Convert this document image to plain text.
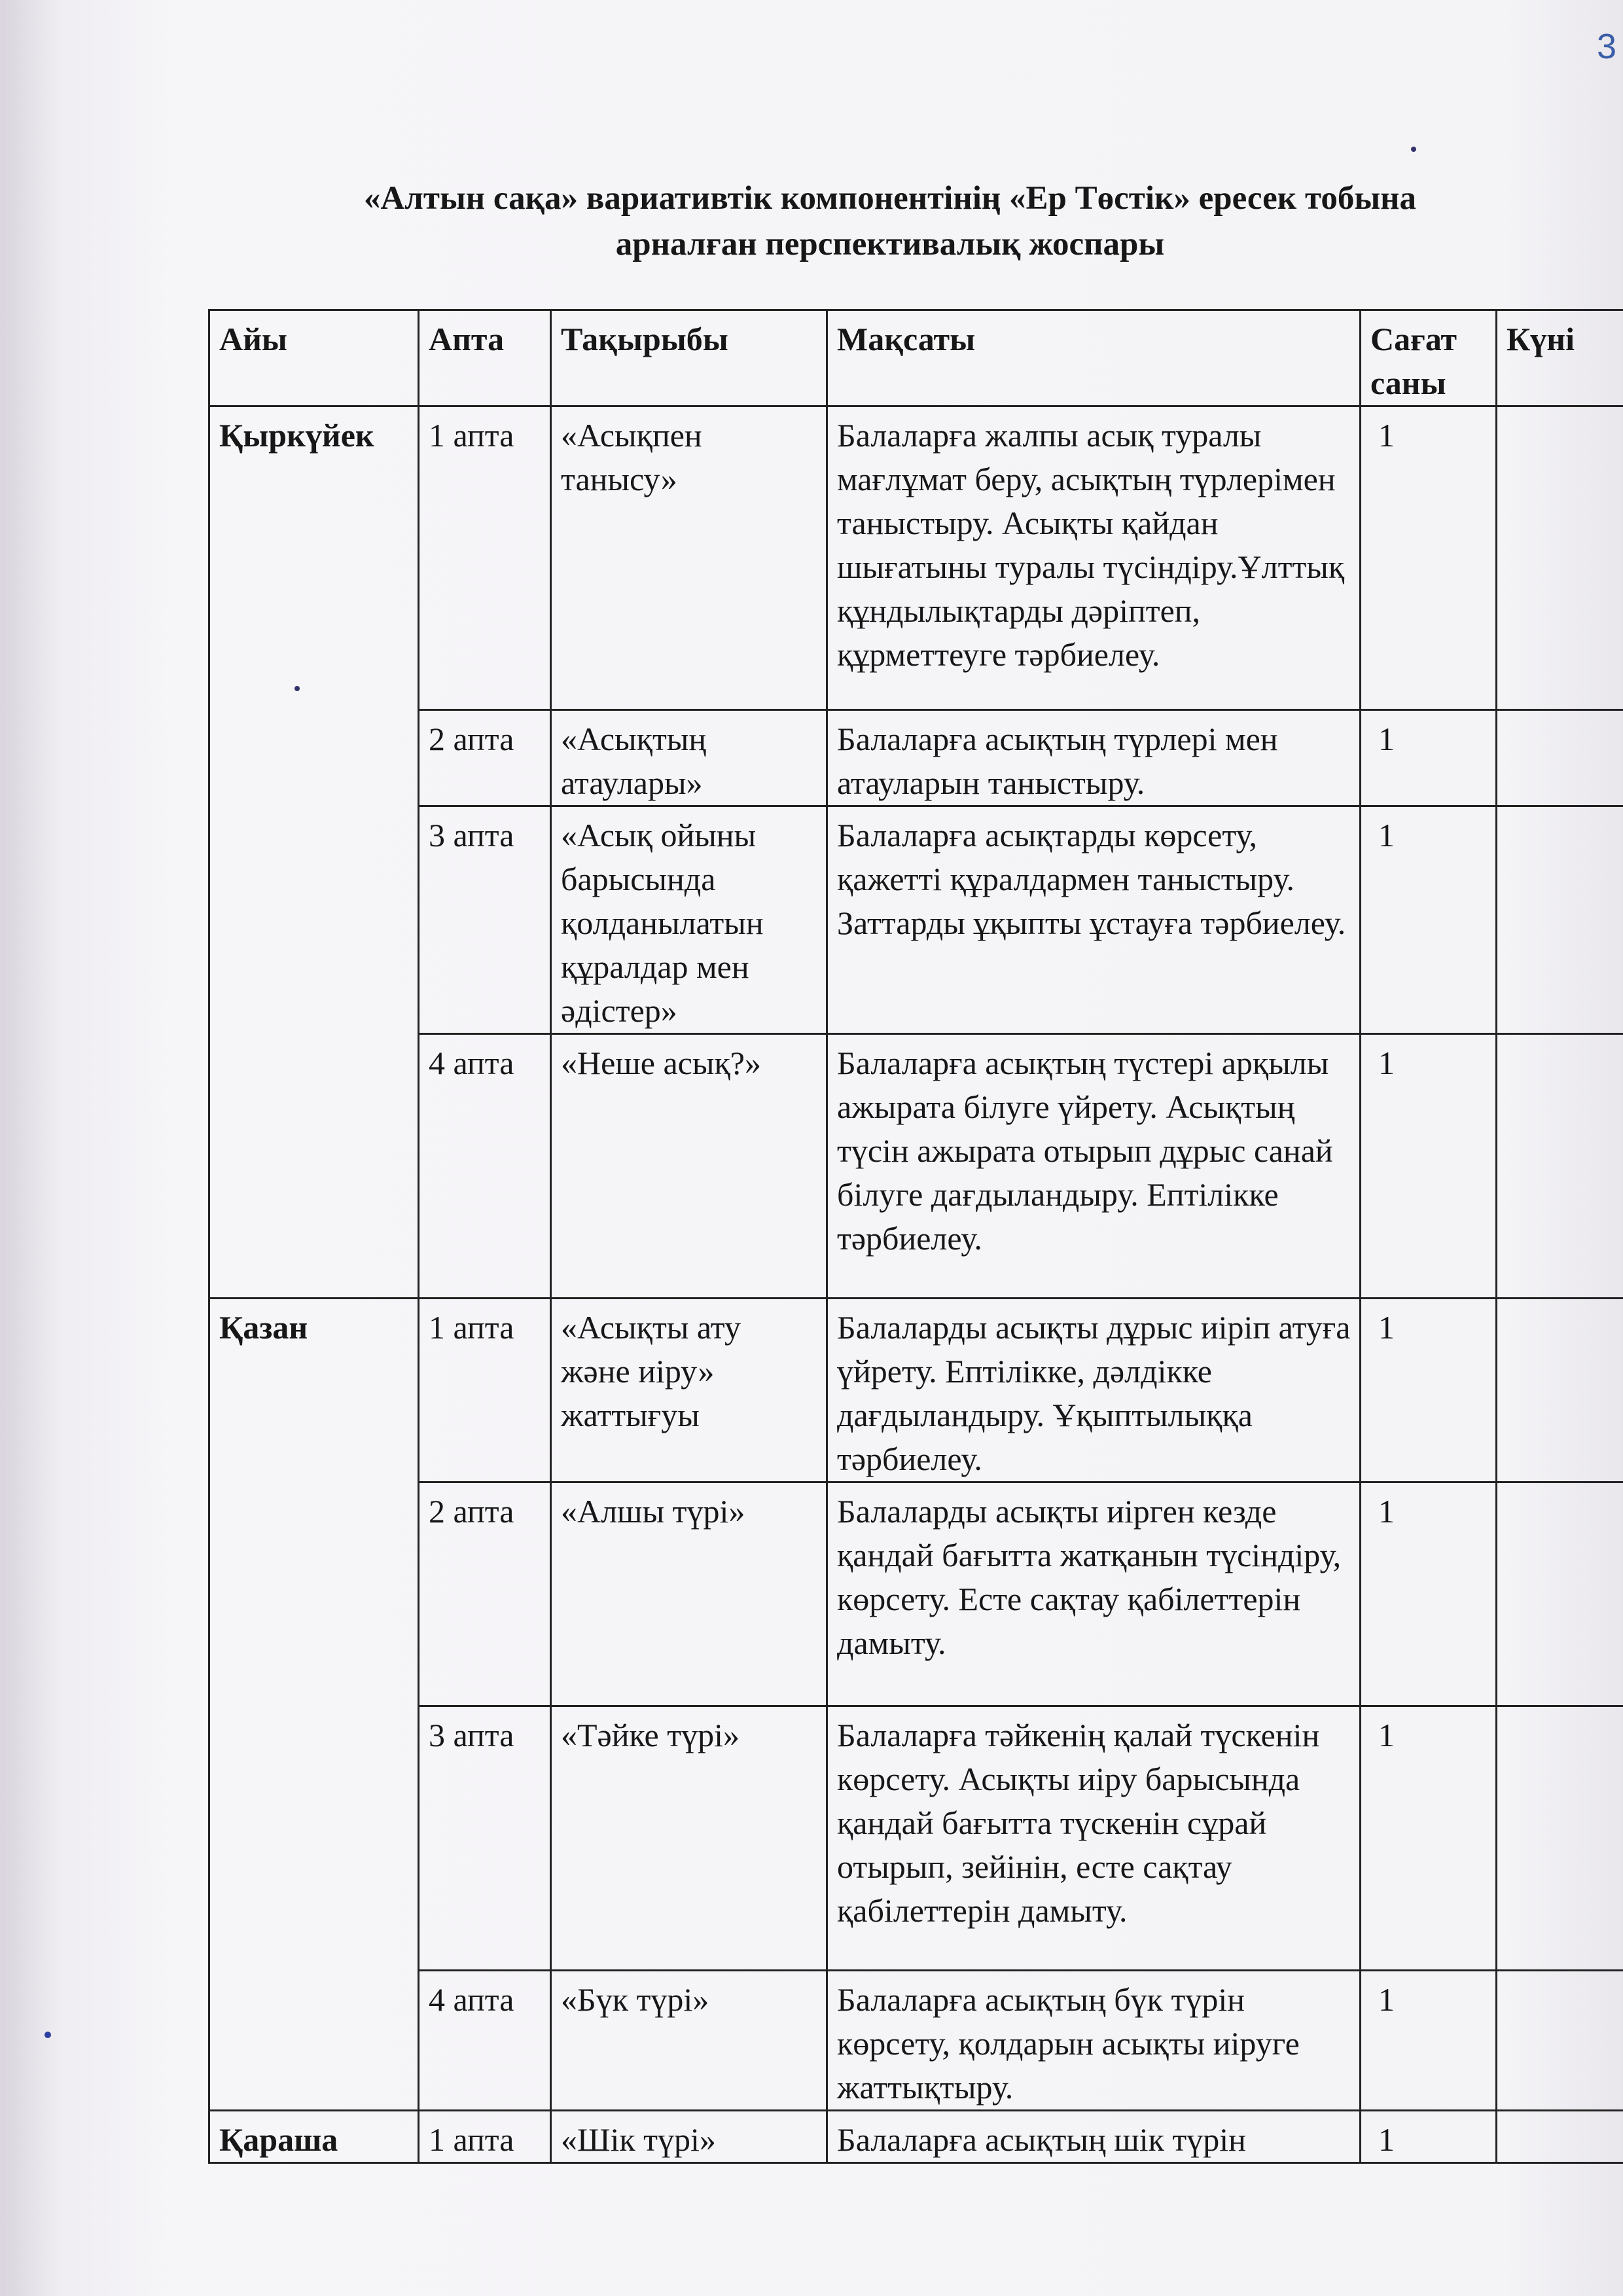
3
«Алтын сақа» вариативтік компонентінің «Ер Төстік» ересек тобына
арналған перспективалық жоспары
Айы	Апта	Тақырыбы	Мақсаты	Сағат саны	Күні
Қыркүйек	1 апта	«Асықпен танысу»	Балаларға жалпы асық туралы мағлұмат беру, асықтың түрлерімен таныстыру. Асықты қайдан шығатыны туралы түсіндіру.Ұлттық құндылықтарды дәріптеп, құрметтеуге тәрбиелеу.	1	
	2 апта	«Асықтың атаулары»	Балаларға асықтың түрлері мен атауларын таныстыру.	1	
	3 апта	«Асық ойыны барысында қолданылатын құралдар мен әдістер»	Балаларға асықтарды көрсету, қажетті құралдармен таныстыру. Заттарды ұқыпты ұстауға тәрбиелеу.	1	
	4 апта	«Неше асық?»	Балаларға асықтың түстері арқылы ажырата білуге үйрету. Асықтың түсін ажырата отырып дұрыс санай білуге дағдыландыру. Ептілікке тәрбиелеу.	1	
Қазан	1 апта	«Асықты ату және иіру» жаттығуы	Балаларды асықты дұрыс иіріп атуға үйрету. Ептілікке, дәлдікке дағдыландыру. Ұқыптылыққа тәрбиелеу.	1	
	2 апта	«Алшы түрі»	Балаларды асықты иірген кезде қандай бағытта жатқанын түсіндіру, көрсету. Есте сақтау қабілеттерін дамыту.	1	
	3 апта	«Тәйке түрі»	Балаларға тәйкенің қалай түскенін көрсету. Асықты иіру барысында қандай бағытта түскенін сұрай отырып, зейінін, есте сақтау қабілеттерін дамыту.	1	
	4 апта	«Бүк түрі»	Балаларға асықтың бүк түрін көрсету, қолдарын асықты иіруге жаттықтыру.	1	
Қараша	1 апта	«Шік түрі»	Балаларға асықтың шік түрін	1	
